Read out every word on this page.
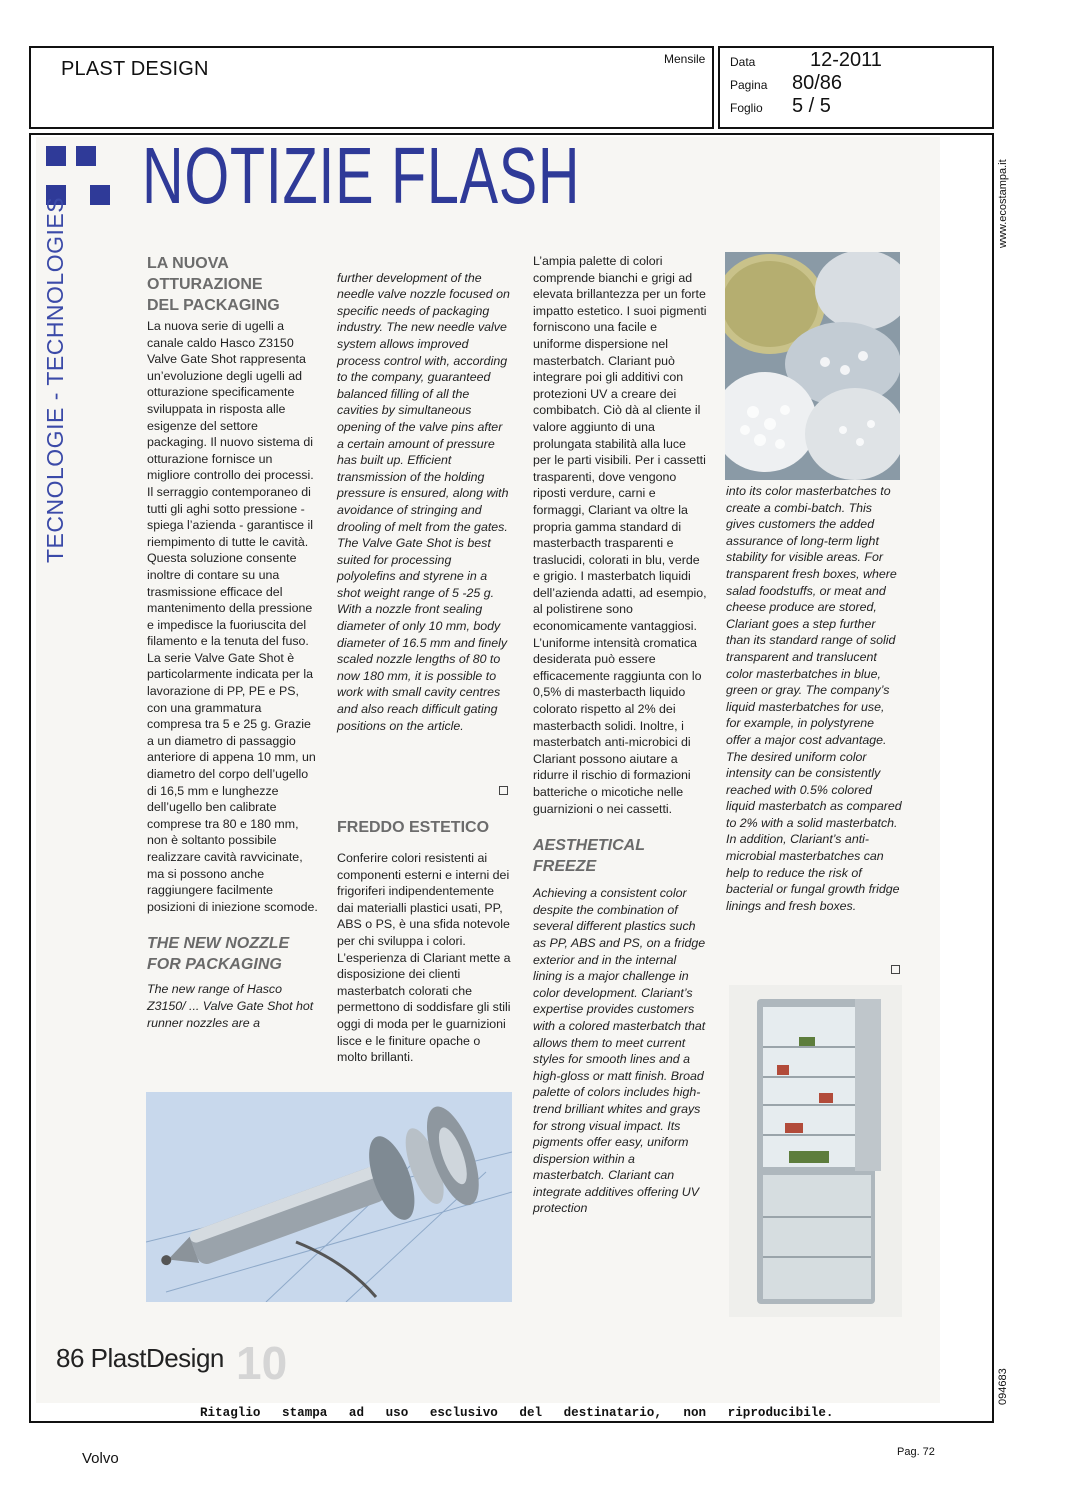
PLAST DESIGN	Mensile Data	12-2011
Pagina 80/86
Foglio 5 / 5
www.ecostampa.it
094683
NOTIZIE FLASH
TECNOLOGIE - TECHNOLOGIES	LA NUOVA
OTTURAZIONE
DEL PACKAGING

La nuova serie di ugelli a canale caldo Hasco Z3150 Valve Gate Shot rappresenta un’evoluzione degli ugelli ad otturazione specificamente sviluppata in risposta alle esigenze del settore packaging. Il nuovo sistema di otturazione fornisce un migliore controllo dei processi. Il serraggio contemporaneo di tutti gli aghi sotto pressione - spiega l’azienda - garantisce il riempimento di tutte le cavità. Questa soluzione consente inoltre di contare su una trasmissione efficace del mantenimento della pressione e impedisce la fuoriuscita del filamento e la tenuta del fuso. La serie Valve Gate Shot è particolarmente indicata per la lavorazione di PP, PE e PS, con una grammatura compresa tra 5 e 25 g. Grazie a un diametro di passaggio anteriore di appena 10 mm, un diametro del corpo dell’ugello di 16,5 mm e lunghezze dell’ugello ben calibrate comprese tra 80 e 180 mm, non è soltanto possibile realizzare cavità ravvicinate, ma si possono anche raggiungere facilmente posizioni di iniezione scomode.

THE NEW NOZZLE
FOR PACKAGING

The new range of Hasco Z3150/ ... Valve Gate Shot hot runner nozzles are a

further development of the needle valve nozzle focused on specific needs of packaging industry. The new needle valve system allows improved process control with, according to the company, guaranteed balanced filling of all the cavities by simultaneous opening of the valve pins after a certain amount of pressure has built up. Efficient transmission of the holding pressure is ensured, along with avoidance of stringing and drooling of melt from the gates.
The Valve Gate Shot is best suited for processing polyolefins and styrene in a shot weight range of 5 -25 g. With a nozzle front sealing diameter of only 10 mm, body diameter of 16.5 mm and finely scaled nozzle lengths of 80 to now 180 mm, it is possible to work with small cavity centres and also reach difficult gating positions on the article.

FREDDO ESTETICO

Conferire colori resistenti ai componenti esterni e interni dei frigoriferi indipendentemente dai materialli plastici usati, PP, ABS o PS, è una sfida notevole per chi sviluppa i colori. L’esperienza di Clariant mette a disposizione dei clienti masterbatch colorati che permettono di soddisfare gli stili oggi di moda per le guarnizioni lisce e le finiture opache o molto brillanti.

L’ampia palette di colori comprende bianchi e grigi ad elevata brillantezza per un forte impatto estetico. I suoi pigmenti forniscono una facile e uniforme dispersione nel masterbatch. Clariant può integrare poi gli additivi con protezioni UV a creare dei combibatch. Ciò dà al cliente il valore aggiunto di una prolungata stabilità alla luce per le parti visibili. Per i cassetti trasparenti, dove vengono riposti verdure, carni e formaggi, Clariant va oltre la propria gamma standard di masterbacth trasparenti e traslucidi, colorati in blu, verde e grigio. I masterbatch liquidi dell’azienda adatti, ad esempio, al polistirene sono economicamente vantaggiosi. L’uniforme intensità cromatica desiderata può essere efficacemente raggiunta con lo 0,5% di masterbacth liquido colorato rispetto al 2% dei masterbacth solidi. Inoltre, i masterbatch anti-microbici di Clariant possono aiutare a ridurre il rischio di formazioni batteriche o micotiche nelle guarnizioni o nei cassetti.

AESTHETICAL
FREEZE

Achieving a consistent color despite the combination of several different plastics such as PP, ABS and PS, on a fridge exterior and in the internal lining is a major challenge in color development. Clariant’s expertise provides customers with a colored masterbatch that allows them to meet current styles for smooth lines and a high-gloss or matt finish. Broad palette of colors includes high-trend brilliant whites and grays for strong visual impact. Its pigments offer easy, uniform dispersion within a masterbatch. Clariant can integrate additives offering UV protection

into its color masterbatches to create a combi-batch. This gives customers the added assurance of long-term light stability for visible areas. For transparent fresh boxes, where salad foodstuffs, or meat and cheese produce are stored, Clariant goes a step further than its standard range of solid transparent and translucent color masterbatches in blue, green or gray. The company’s liquid masterbatches for use, for example, in polystyrene offer a major cost advantage. The desired uniform color intensity can be consistently reached with 0.5% colored liquid masterbatch as compared to 2% with a solid masterbatch. In addition, Clariant’s anti-microbial masterbatches can help to reduce the risk of bacterial or fungal growth fridge linings and fresh boxes.

86 PlastDesign 10
Ritaglio stampa ad uso esclusivo del destinatario, non riproducibile.
Volvo	Pag. 72
